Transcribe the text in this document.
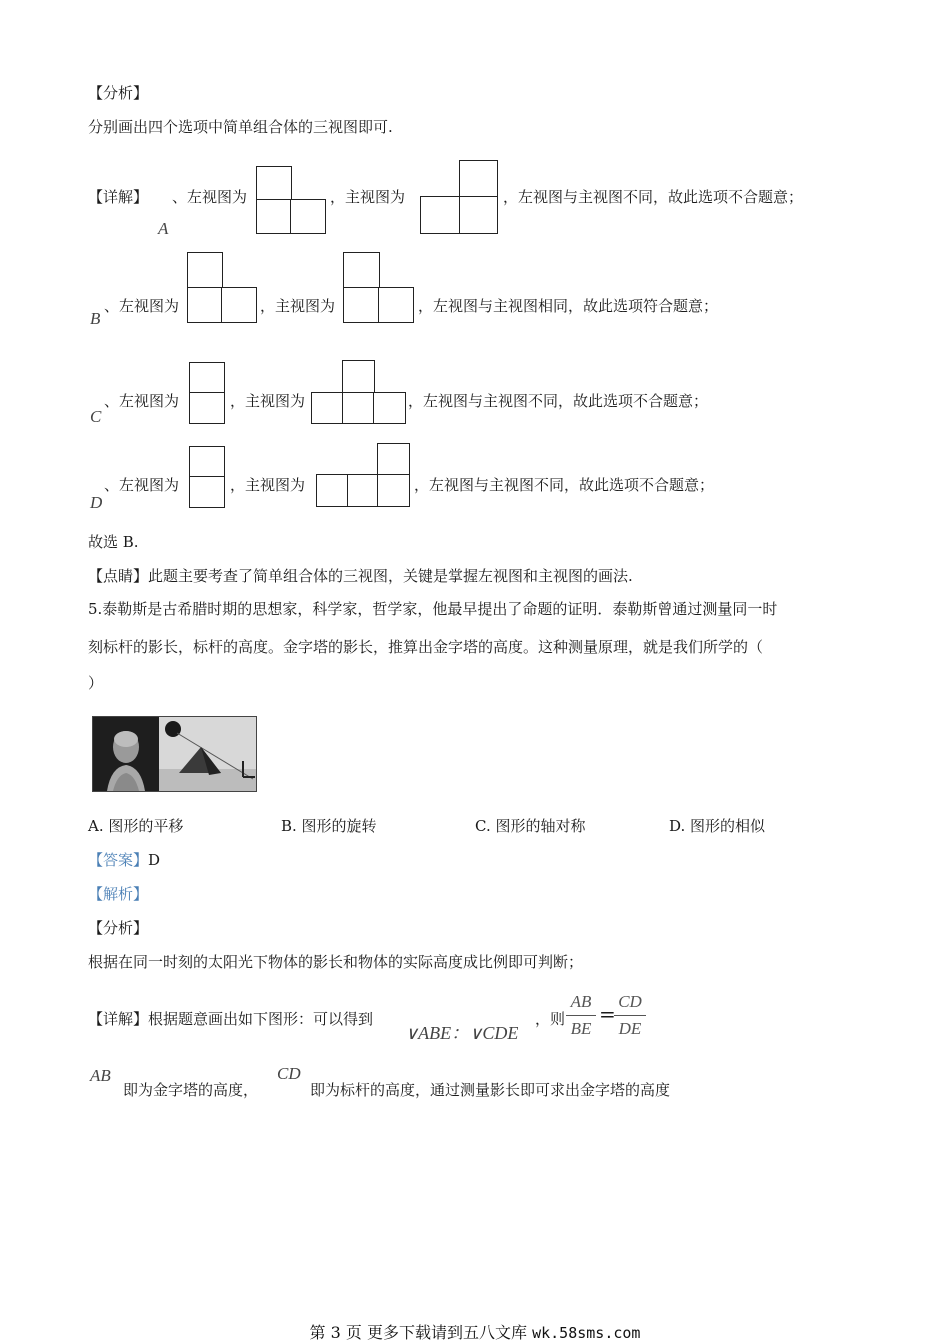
【分析】
分别画出四个选项中简单组合体的三视图即可.
【详解】 、左视图为
A
，主视图为	，左视图与主视图不同，故此选项不合题意；
、左视图为
B
，主视图为	，左视图与主视图相同，故此选项符合题意；
、左视图为
C
，主视图为	，左视图与主视图不同，故此选项不合题意；
、左视图为
D
，主视图为	，左视图与主视图不同，故此选项不合题意；
故选 B.
【点睛】此题主要考查了简单组合体的三视图，关键是掌握左视图和主视图的画法.
5.泰勒斯是古希腊时期的思想家，科学家，哲学家，他最早提出了命题的证明．泰勒斯曾通过测量同一时
刻标杆的影长，标杆的高度。金字塔的影长，推算出金字塔的高度。这种测量原理，就是我们所学的（
）
A. 图形的平移	B. 图形的旋转	C. 图形的轴对称	D. 图形的相似
【答案】D
【解析】
【分析】
根据在同一时刻的太阳光下物体的影长和物体的实际高度成比例即可判断；
【详解】根据题意画出如下图形：可以得到
∨ABE：∨CDE
，则
AB
BE
=
CD
DE
AB
即为金字塔的高度，
CD
即为标杆的高度，通过测量影长即可求出金字塔的高度
第 3 页 更多下载请到五八文库 wk.58sms.com
